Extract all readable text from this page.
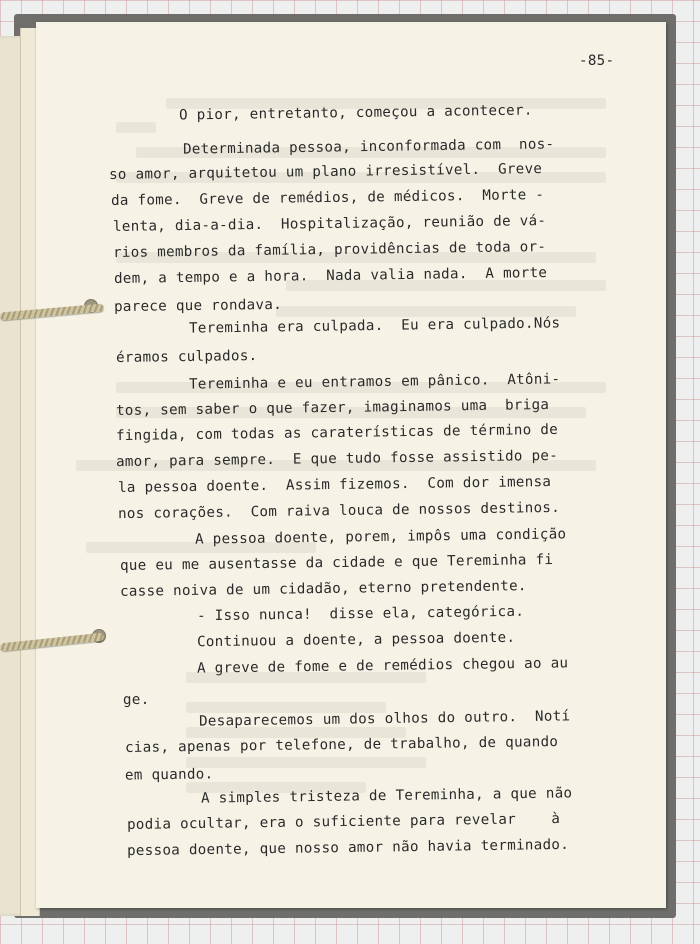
-85-

O pior, entretanto, começou a acontecer.

Determinada pessoa, inconformada com  nos-

so amor, arquitetou um plano irresistível.  Greve

da fome.  Greve de remédios, de médicos.  Morte -

lenta, dia-a-dia.  Hospitalização, reunião de vá-

rios membros da família, providências de toda or-

dem, a tempo e a hora.  Nada valia nada.  A morte

parece que rondava.

Tereminha era culpada.  Eu era culpado.Nós

éramos culpados.

Tereminha e eu entramos em pânico.  Atôni-

tos, sem saber o que fazer, imaginamos uma  briga

fingida, com todas as caraterísticas de término de

amor, para sempre.  E que tudo fosse assistido pe-

la pessoa doente.  Assim fizemos.  Com dor imensa

nos corações.  Com raiva louca de nossos destinos.

A pessoa doente, porem, impôs uma condição

que eu me ausentasse da cidade e que Tereminha fi

casse noiva de um cidadão, eterno pretendente.

- Isso nunca!  disse ela, categórica.

Continuou a doente, a pessoa doente.

A greve de fome e de remédios chegou ao au

ge.

Desaparecemos um dos olhos do outro.  Notí

cias, apenas por telefone, de trabalho, de quando

em quando.

A simples tristeza de Tereminha, a que não

podia ocultar, era o suficiente para revelar    à

pessoa doente, que nosso amor não havia terminado.
